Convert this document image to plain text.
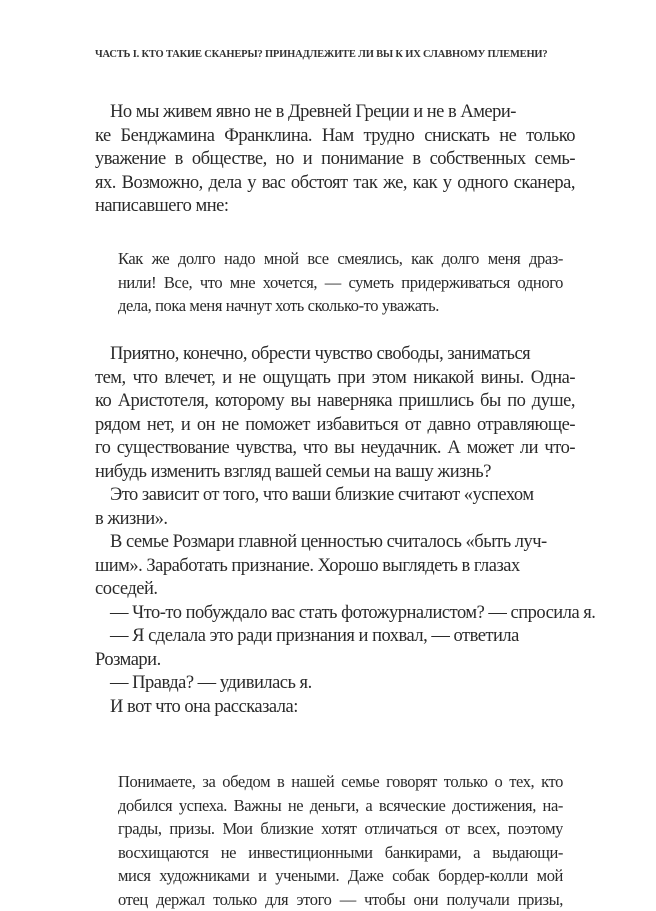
ЧАСТЬ I. КТО ТАКИЕ СКАНЕРЫ? ПРИНАДЛЕЖИТЕ ЛИ ВЫ К ИХ СЛАВНОМУ ПЛЕМЕНИ?
Но мы живем явно не в Древней Греции и не в Амери-
ке Бенджамина Франклина. Нам трудно снискать не только
уважение в обществе, но и понимание в собственных семь-
ях. Возможно, дела у вас обстоят так же, как у одного сканера,
написавшего мне:
Как же долго надо мной все смеялись, как долго меня драз-
нили! Все, что мне хочется, — суметь придерживаться одного
дела, пока меня начнут хоть сколько-то уважать.
Приятно, конечно, обрести чувство свободы, заниматься
тем, что влечет, и не ощущать при этом никакой вины. Одна-
ко Аристотеля, которому вы наверняка пришлись бы по душе,
рядом нет, и он не поможет избавиться от давно отравляюще-
го существование чувства, что вы неудачник. А может ли что-
нибудь изменить взгляд вашей семьи на вашу жизнь?
Это зависит от того, что ваши близкие считают «успехом
в жизни».
В семье Розмари главной ценностью считалось «быть луч-
шим». Заработать признание. Хорошо выглядеть в глазах
соседей.
— Что-то побуждало вас стать фотожурналистом? — спросила я.
— Я сделала это ради признания и похвал, — ответила
Розмари.
— Правда? — удивилась я.
И вот что она рассказала:
Понимаете, за обедом в нашей семье говорят только о тех, кто
добился успеха. Важны не деньги, а всяческие достижения, на-
грады, призы. Мои близкие хотят отличаться от всех, поэтому
восхищаются не инвестиционными банкирами, а выдающи-
мися художниками и учеными. Даже собак бордер-колли мой
отец держал только для этого — чтобы они получали призы,
